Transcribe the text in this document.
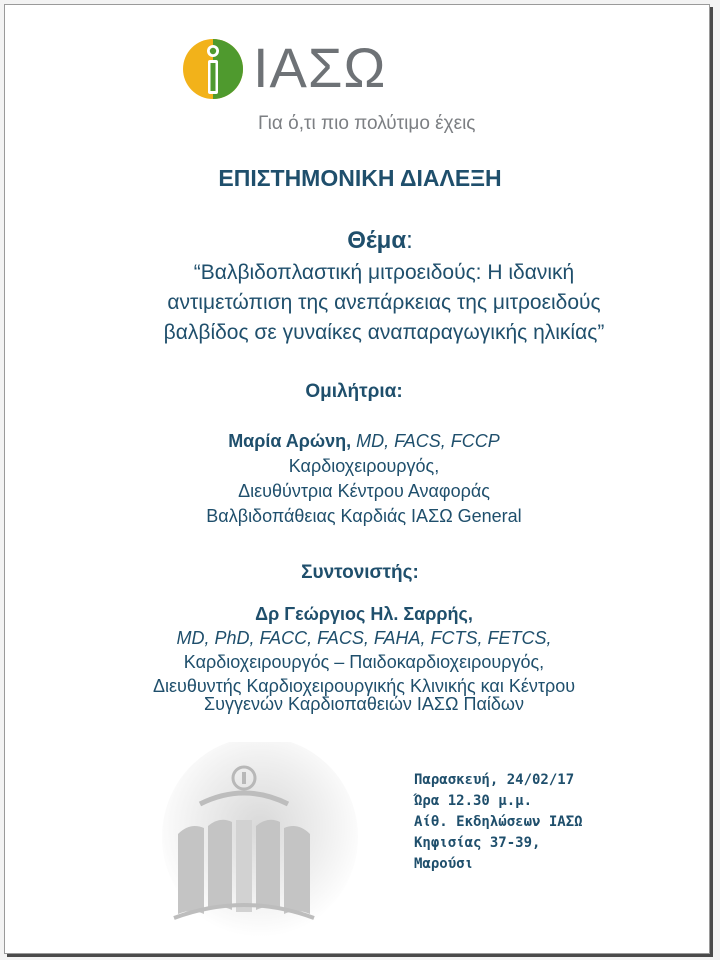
ΙΑΣΩ
Για ό,τι πιο πολύτιμο έχεις
ΕΠΙΣΤΗΜΟΝΙΚΗ ΔΙΑΛΕΞΗ
Θέμα:
“Βαλβιδοπλαστική μιτροειδούς: Η ιδανική
αντιμετώπιση της ανεπάρκειας της μιτροειδούς
βαλβίδος σε γυναίκες αναπαραγωγικής ηλικίας”
Ομιλήτρια:
Μαρία Αρώνη, MD, FACS, FCCP
Καρδιοχειρουργός,
Διευθύντρια Κέντρου Αναφοράς
Βαλβιδοπάθειας Καρδιάς ΙΑΣΩ General
Συντονιστής:
Δρ Γεώργιος Ηλ. Σαρρής,
MD, PhD, FACC, FACS, FAHA, FCTS, FETCS,
Καρδιοχειρουργός – Παιδοκαρδιοχειρουργός,
Διευθυντής Καρδιοχειρουργικής Κλινικής και Κέντρου
Συγγενών Καρδιοπαθειών ΙΑΣΩ Παίδων
Παρασκευή, 24/02/17
Ώρα 12.30 μ.μ.
Αίθ. Εκδηλώσεων ΙΑΣΩ
Κηφισίας 37-39,
Μαρούσι
